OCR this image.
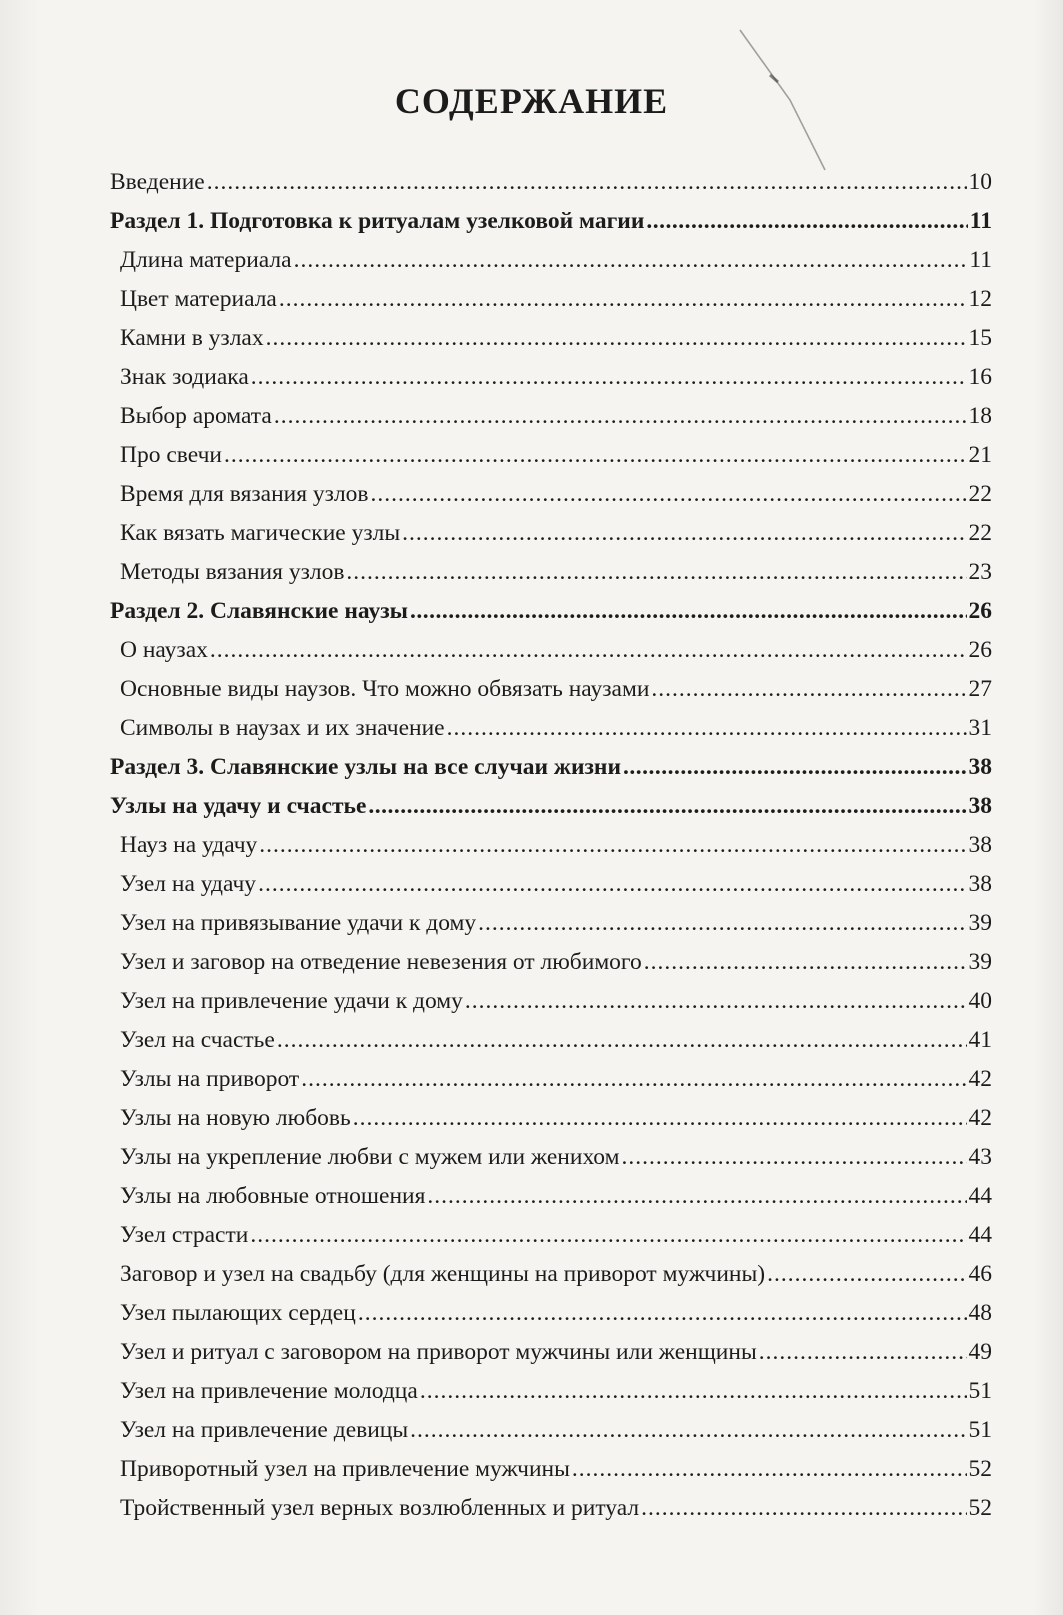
СОДЕРЖАНИЕ
Введение .....	10
Раздел 1. Подготовка к ритуалам узелковой магии .....	11
Длина материала .....	11
Цвет материала .....	12
Камни в узлах .....	15
Знак зодиака .....	16
Выбор аромата .....	18
Про свечи .....	21
Время для вязания узлов .....	22
Как вязать магические узлы .....	22
Методы вязания узлов .....	23
Раздел 2. Славянские наузы .....	26
О наузах .....	26
Основные виды наузов. Что можно обвязать наузами .....	27
Символы в наузах и их значение .....	31
Раздел 3. Славянские узлы на все случаи жизни .....	38
Узлы на удачу и счастье .....	38
Науз на удачу .....	38
Узел на удачу .....	38
Узел на привязывание удачи к дому .....	39
Узел и заговор на отведение невезения от любимого .....	39
Узел на привлечение удачи к дому .....	40
Узел на счастье .....	41
Узлы на приворот .....	42
Узлы на новую любовь .....	42
Узлы на укрепление любви с мужем или женихом .....	43
Узлы на любовные отношения .....	44
Узел страсти .....	44
Заговор и узел на свадьбу (для женщины на приворот мужчины) .....	46
Узел пылающих сердец .....	48
Узел и ритуал с заговором на приворот мужчины или женщины .....	49
Узел на привлечение молодца .....	51
Узел на привлечение девицы .....	51
Приворотный узел на привлечение мужчины .....	52
Тройственный узел верных возлюбленных и ритуал .....	52
